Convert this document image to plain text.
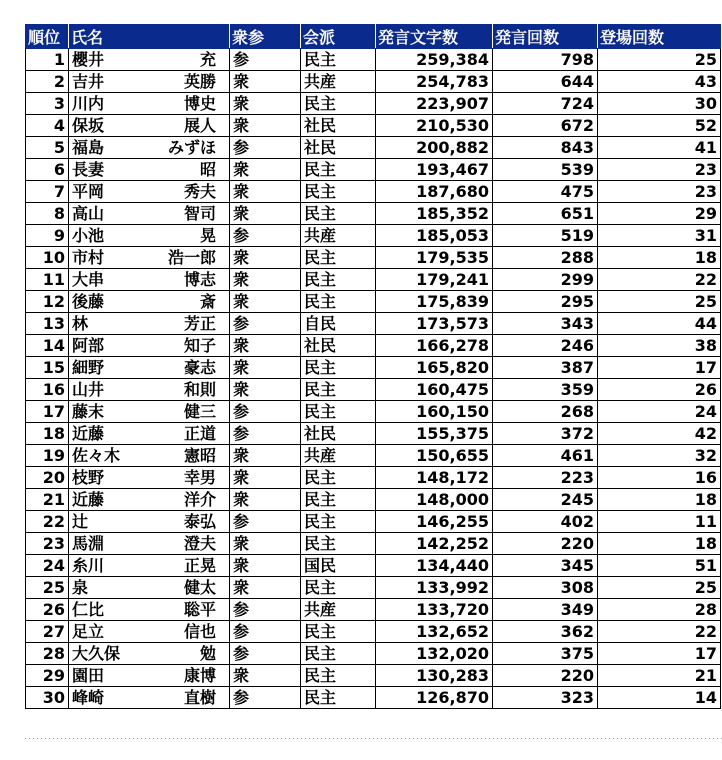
順位	氏名	衆参	会派	発言文字数	発言回数	登場回数
1	櫻井 充	参	民主	259,384	798	25
2	吉井 英勝	衆	共産	254,783	644	43
3	川内 博史	衆	民主	223,907	724	30
4	保坂 展人	衆	社民	210,530	672	52
5	福島 みずほ	参	社民	200,882	843	41
6	長妻 昭	衆	民主	193,467	539	23
7	平岡 秀夫	衆	民主	187,680	475	23
8	高山 智司	衆	民主	185,352	651	29
9	小池 晃	参	共産	185,053	519	31
10	市村 浩一郎	衆	民主	179,535	288	18
11	大串 博志	衆	民主	179,241	299	22
12	後藤 斎	衆	民主	175,839	295	25
13	林 芳正	参	自民	173,573	343	44
14	阿部 知子	衆	社民	166,278	246	38
15	細野 豪志	衆	民主	165,820	387	17
16	山井 和則	衆	民主	160,475	359	26
17	藤末 健三	参	民主	160,150	268	24
18	近藤 正道	参	社民	155,375	372	42
19	佐々木 憲昭	衆	共産	150,655	461	32
20	枝野 幸男	衆	民主	148,172	223	16
21	近藤 洋介	衆	民主	148,000	245	18
22	辻 泰弘	参	民主	146,255	402	11
23	馬淵 澄夫	衆	民主	142,252	220	18
24	糸川 正晃	衆	国民	134,440	345	51
25	泉 健太	衆	民主	133,992	308	25
26	仁比 聡平	参	共産	133,720	349	28
27	足立 信也	参	民主	132,652	362	22
28	大久保 勉	参	民主	132,020	375	17
29	園田 康博	衆	民主	130,283	220	21
30	峰崎 直樹	参	民主	126,870	323	14
